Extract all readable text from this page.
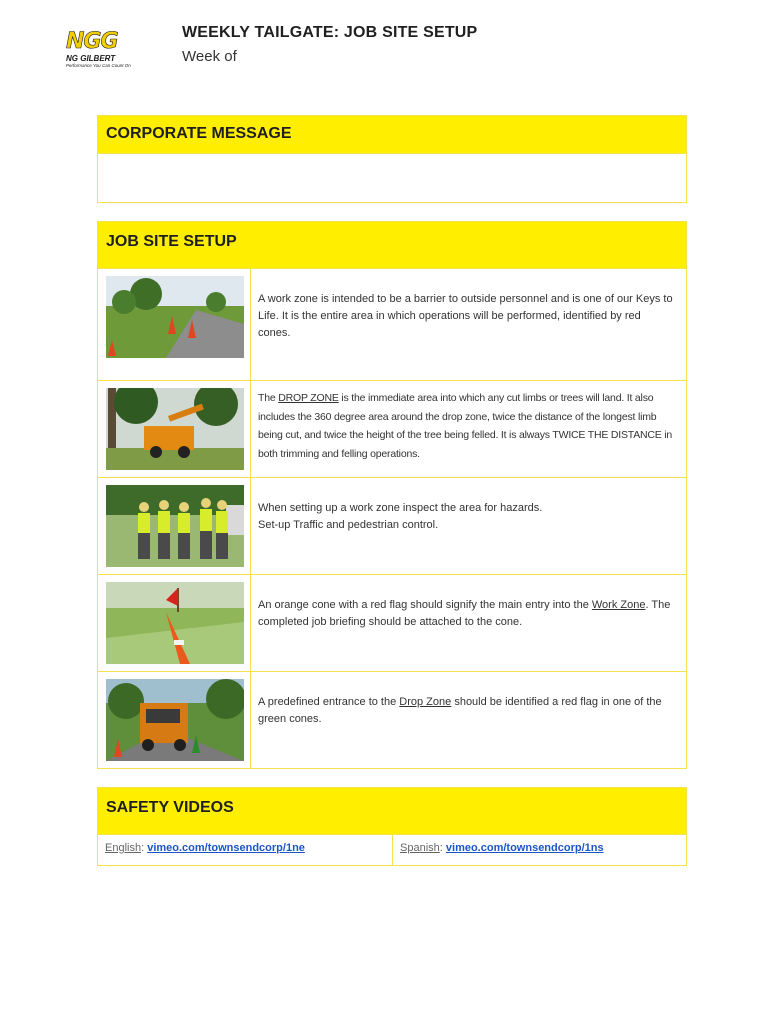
NGG
NG GILBERT
Performance You Can Count On
WEEKLY TAILGATE: JOB SITE SETUP
Week of
CORPORATE MESSAGE
JOB SITE SETUP
A work zone is intended to be a barrier to outside personnel and is one of our Keys to Life. It is the entire area in which operations will be performed, identified by red cones.
The DROP ZONE is the immediate area into which any cut limbs or trees will land. It also includes the 360 degree area around the drop zone, twice the distance of the longest limb being cut, and twice the height of the tree being felled. It is always TWICE THE DISTANCE in both trimming and felling operations.
When setting up a work zone inspect the area for hazards.
Set-up Traffic and pedestrian control.
An orange cone with a red flag should signify the main entry into the Work Zone. The completed job briefing should be attached to the cone.
A predefined entrance to the Drop Zone should be identified a red flag in one of the green cones.
SAFETY VIDEOS
English: vimeo.com/townsendcorp/1ne	Spanish: vimeo.com/townsendcorp/1ns
